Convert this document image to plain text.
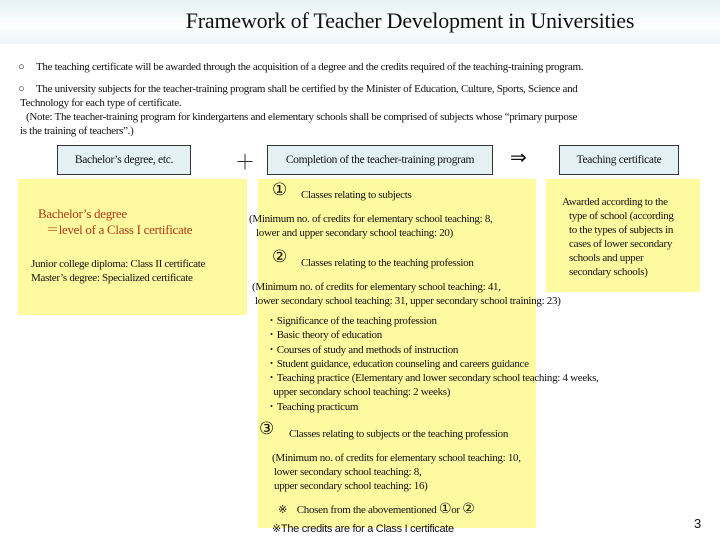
Framework of Teacher Development in Universities
○ The teaching certificate will be awarded through the acquisition of a degree and the credits required of the teaching-training program.
○ The university subjects for the teacher-training program shall be certified by the Minister of Education, Culture, Sports, Science and
Technology for each type of certificate.
(Note: The teacher-training program for kindergartens and elementary schools shall be comprised of subjects whose “primary purpose
is the training of teachers”.)
Bachelor’s degree, etc.	＋	Completion of the teacher-training program	⇒	Teaching certificate
Bachelor’s degree
＝level of a Class I certificate
Junior college diploma: Class II certificate
Master’s degree: Specialized certificate
① Classes relating to subjects
(Minimum no. of credits for elementary school teaching: 8,
lower and upper secondary school teaching: 20)
② Classes relating to the teaching profession
(Minimum no. of credits for elementary school teaching: 41,
lower secondary school teaching: 31, upper secondary school training: 23)
・Significance of the teaching profession
・Basic theory of education
・Courses of study and methods of instruction
・Student guidance, education counseling and careers guidance
・Teaching practice (Elementary and lower secondary school teaching: 4 weeks,
upper secondary school teaching: 2 weeks)
・Teaching practicum
③ Classes relating to subjects or the teaching profession
(Minimum no. of credits for elementary school teaching: 10,
lower secondary school teaching: 8,
upper secondary school teaching: 16)
※ Chosen from the abovementioned ①or ②
※The credits are for a Class I certificate
Awarded according to the
type of school (according
to the types of subjects in
cases of lower secondary
schools and upper
secondary schools)
3
